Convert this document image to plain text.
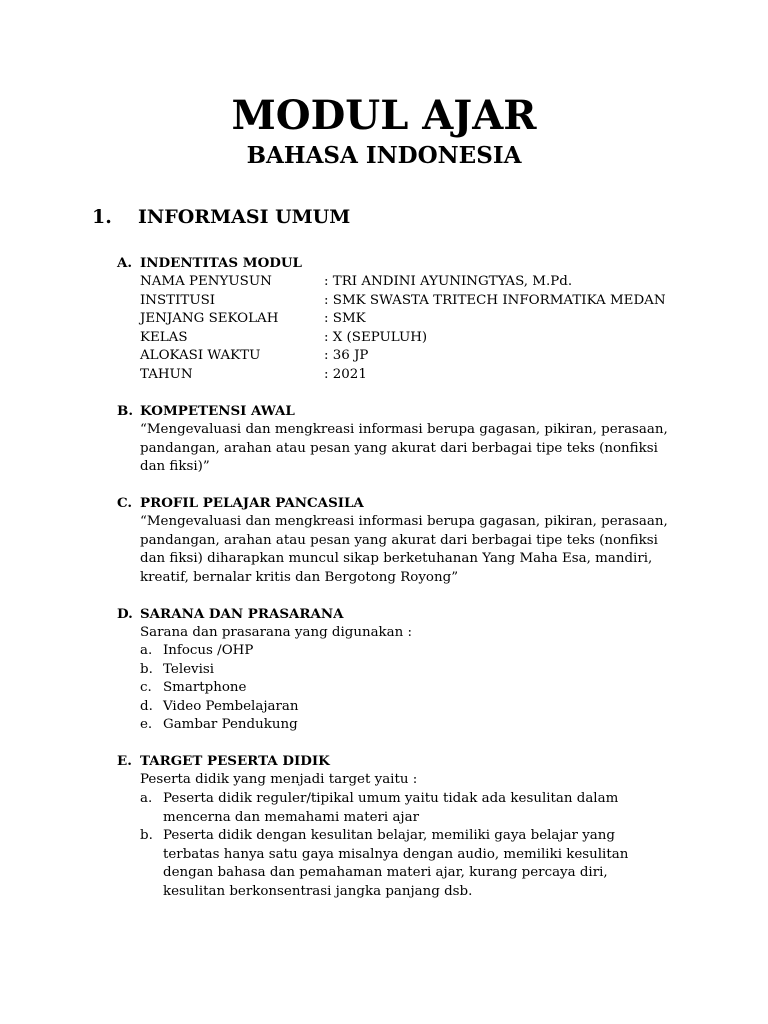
MODUL AJAR
BAHASA INDONESIA
1. INFORMASI UMUM
A. INDENTITAS MODUL
NAMA PENYUSUN	: TRI ANDINI AYUNINGTYAS, M.Pd.
INSTITUSI	: SMK SWASTA TRITECH INFORMATIKA MEDAN
JENJANG SEKOLAH	: SMK
KELAS	: X (SEPULUH)
ALOKASI WAKTU	: 36 JP
TAHUN	: 2021
B. KOMPETENSI AWAL
“Mengevaluasi dan mengkreasi informasi berupa gagasan, pikiran, perasaan, pandangan, arahan atau pesan yang akurat dari berbagai tipe teks (nonfiksi dan fiksi)”
C. PROFIL PELAJAR PANCASILA
“Mengevaluasi dan mengkreasi informasi berupa gagasan, pikiran, perasaan, pandangan, arahan atau pesan yang akurat dari berbagai tipe teks (nonfiksi dan fiksi) diharapkan muncul sikap berketuhanan Yang Maha Esa, mandiri, kreatif, bernalar kritis dan Bergotong Royong”
D. SARANA DAN PRASARANA
Sarana dan prasarana yang digunakan :
a. Infocus /OHP
b. Televisi
c. Smartphone
d. Video Pembelajaran
e. Gambar Pendukung
E. TARGET PESERTA DIDIK
Peserta didik yang menjadi target yaitu :
a. Peserta didik reguler/tipikal umum yaitu tidak ada kesulitan dalam mencerna dan memahami materi ajar
b. Peserta didik dengan kesulitan belajar, memiliki gaya belajar yang terbatas hanya satu gaya misalnya dengan audio, memiliki kesulitan dengan bahasa dan pemahaman materi ajar, kurang percaya diri, kesulitan berkonsentrasi jangka panjang dsb.
